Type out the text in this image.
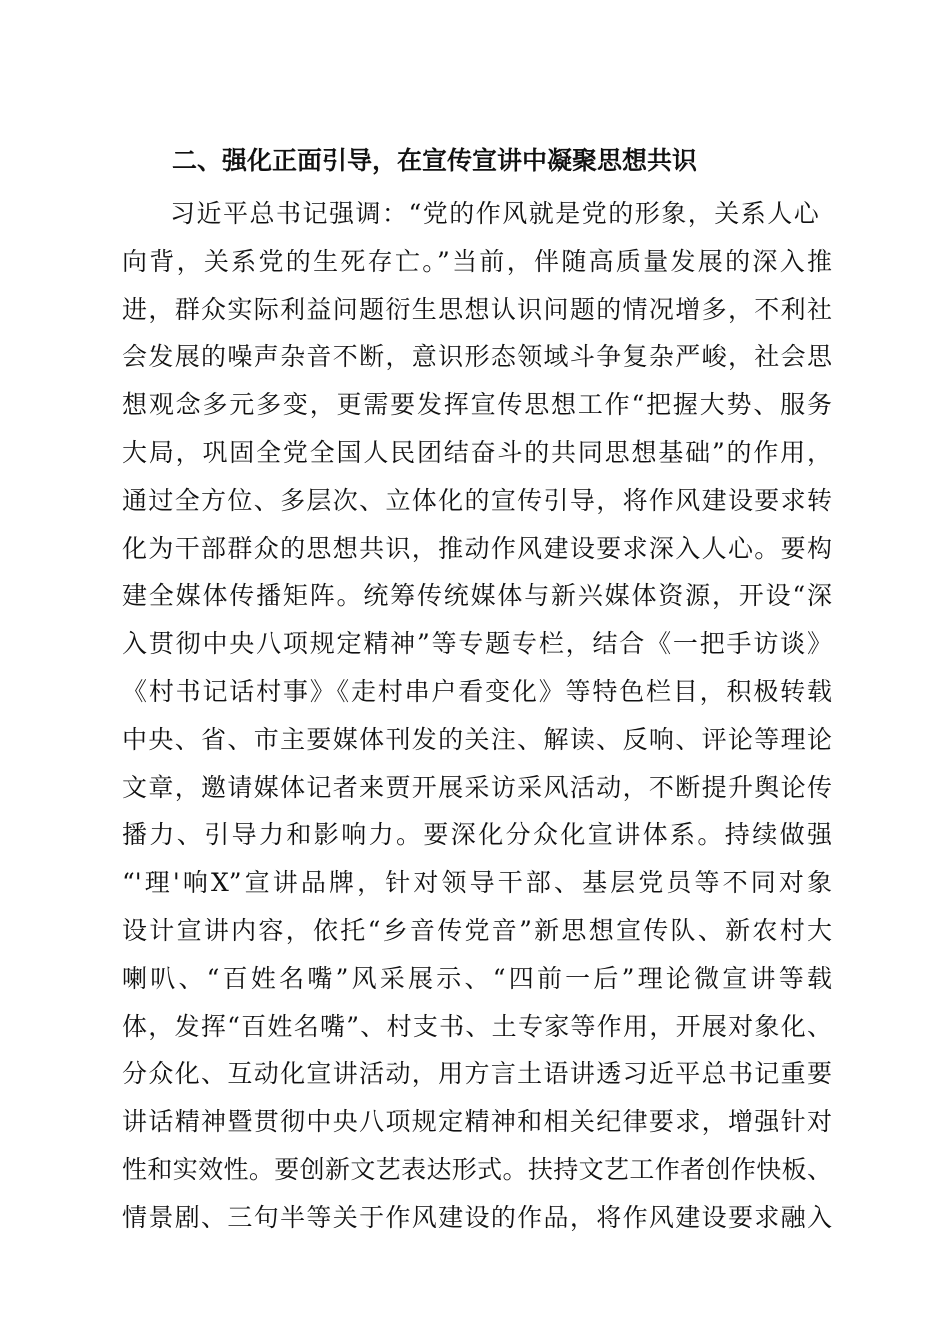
二、强化正面引导，在宣传宣讲中凝聚思想共识
习近平总书记强调：“党的作风就是党的形象，关系人心
向背，关系党的生死存亡。”当前，伴随高质量发展的深入推
进，群众实际利益问题衍生思想认识问题的情况增多，不利社
会发展的噪声杂音不断，意识形态领域斗争复杂严峻，社会思
想观念多元多变，更需要发挥宣传思想工作“把握大势、服务
大局，巩固全党全国人民团结奋斗的共同思想基础”的作用，
通过全方位、多层次、立体化的宣传引导，将作风建设要求转
化为干部群众的思想共识，推动作风建设要求深入人心。要构
建全媒体传播矩阵。统筹传统媒体与新兴媒体资源，开设“深
入贯彻中央八项规定精神”等专题专栏，结合《一把手访谈》
《村书记话村事》《走村串户看变化》等特色栏目，积极转载
中央、省、市主要媒体刊发的关注、解读、反响、评论等理论
文章，邀请媒体记者来贾开展采访采风活动，不断提升舆论传
播力、引导力和影响力。要深化分众化宣讲体系。持续做强
“'理'响X”宣讲品牌，针对领导干部、基层党员等不同对象
设计宣讲内容，依托“乡音传党音”新思想宣传队、新农村大
喇叭、“百姓名嘴”风采展示、“四前一后”理论微宣讲等载
体，发挥“百姓名嘴”、村支书、土专家等作用，开展对象化、
分众化、互动化宣讲活动，用方言土语讲透习近平总书记重要
讲话精神暨贯彻中央八项规定精神和相关纪律要求，增强针对
性和实效性。要创新文艺表达形式。扶持文艺工作者创作快板、
情景剧、三句半等关于作风建设的作品，将作风建设要求融入
